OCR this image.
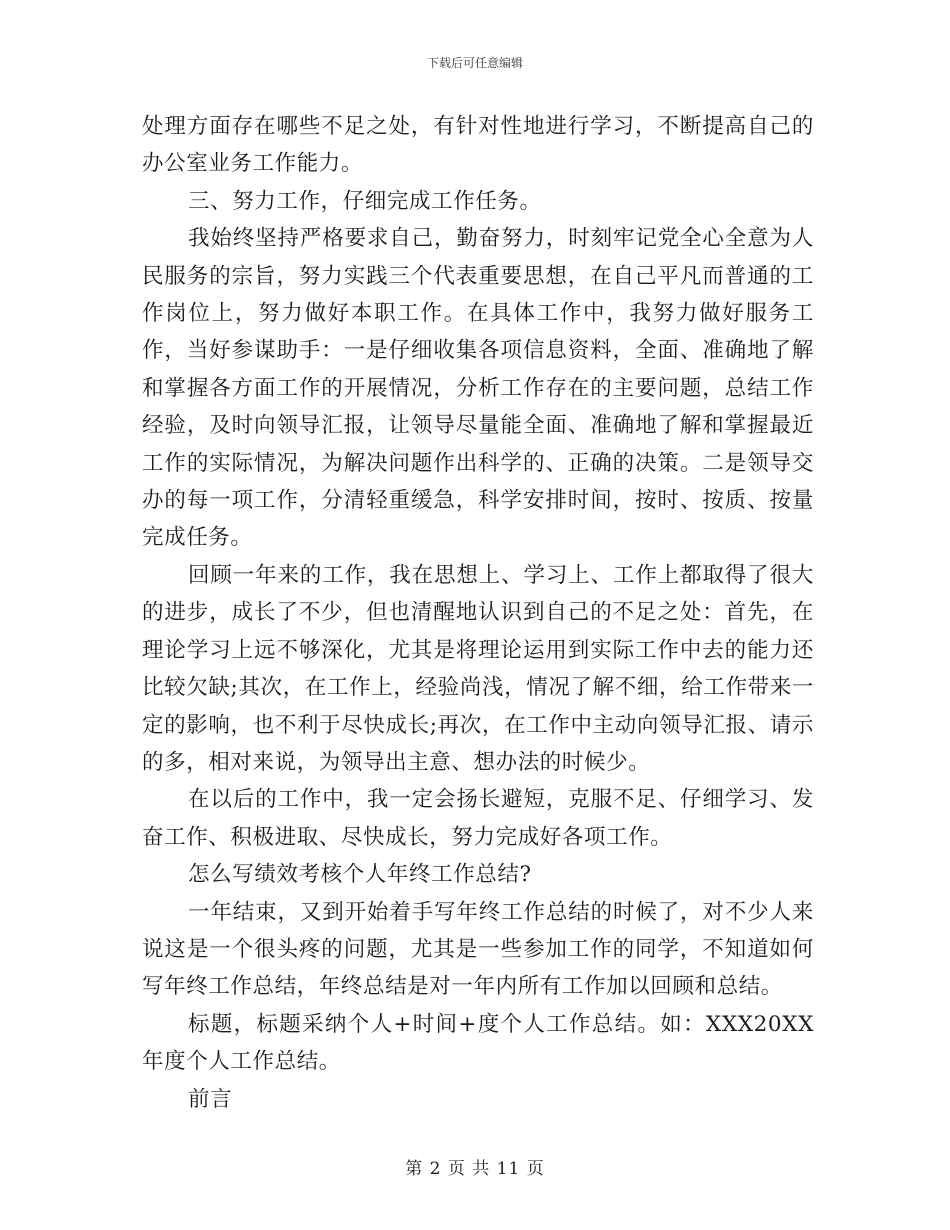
下载后可任意编辑

处理方面存在哪些不足之处，有针对性地进行学习，不断提高自己的办公室业务工作能力。

三、努力工作，仔细完成工作任务。

我始终坚持严格要求自己，勤奋努力，时刻牢记党全心全意为人民服务的宗旨，努力实践三个代表重要思想，在自己平凡而普通的工作岗位上，努力做好本职工作。在具体工作中，我努力做好服务工作，当好参谋助手：一是仔细收集各项信息资料，全面、准确地了解和掌握各方面工作的开展情况，分析工作存在的主要问题，总结工作经验，及时向领导汇报，让领导尽量能全面、准确地了解和掌握最近工作的实际情况，为解决问题作出科学的、正确的决策。二是领导交办的每一项工作，分清轻重缓急，科学安排时间，按时、按质、按量完成任务。

回顾一年来的工作，我在思想上、学习上、工作上都取得了很大的进步，成长了不少，但也清醒地认识到自己的不足之处：首先，在理论学习上远不够深化，尤其是将理论运用到实际工作中去的能力还比较欠缺;其次，在工作上，经验尚浅，情况了解不细，给工作带来一定的影响，也不利于尽快成长;再次，在工作中主动向领导汇报、请示的多，相对来说，为领导出主意、想办法的时候少。

在以后的工作中，我一定会扬长避短，克服不足、仔细学习、发奋工作、积极进取、尽快成长，努力完成好各项工作。

怎么写绩效考核个人年终工作总结?

一年结束，又到开始着手写年终工作总结的时候了，对不少人来说这是一个很头疼的问题，尤其是一些参加工作的同学，不知道如何写年终工作总结，年终总结是对一年内所有工作加以回顾和总结。

标题，标题采纳个人+时间+度个人工作总结。如：XXX20XX年度个人工作总结。

前言

第 2 页 共 11 页
